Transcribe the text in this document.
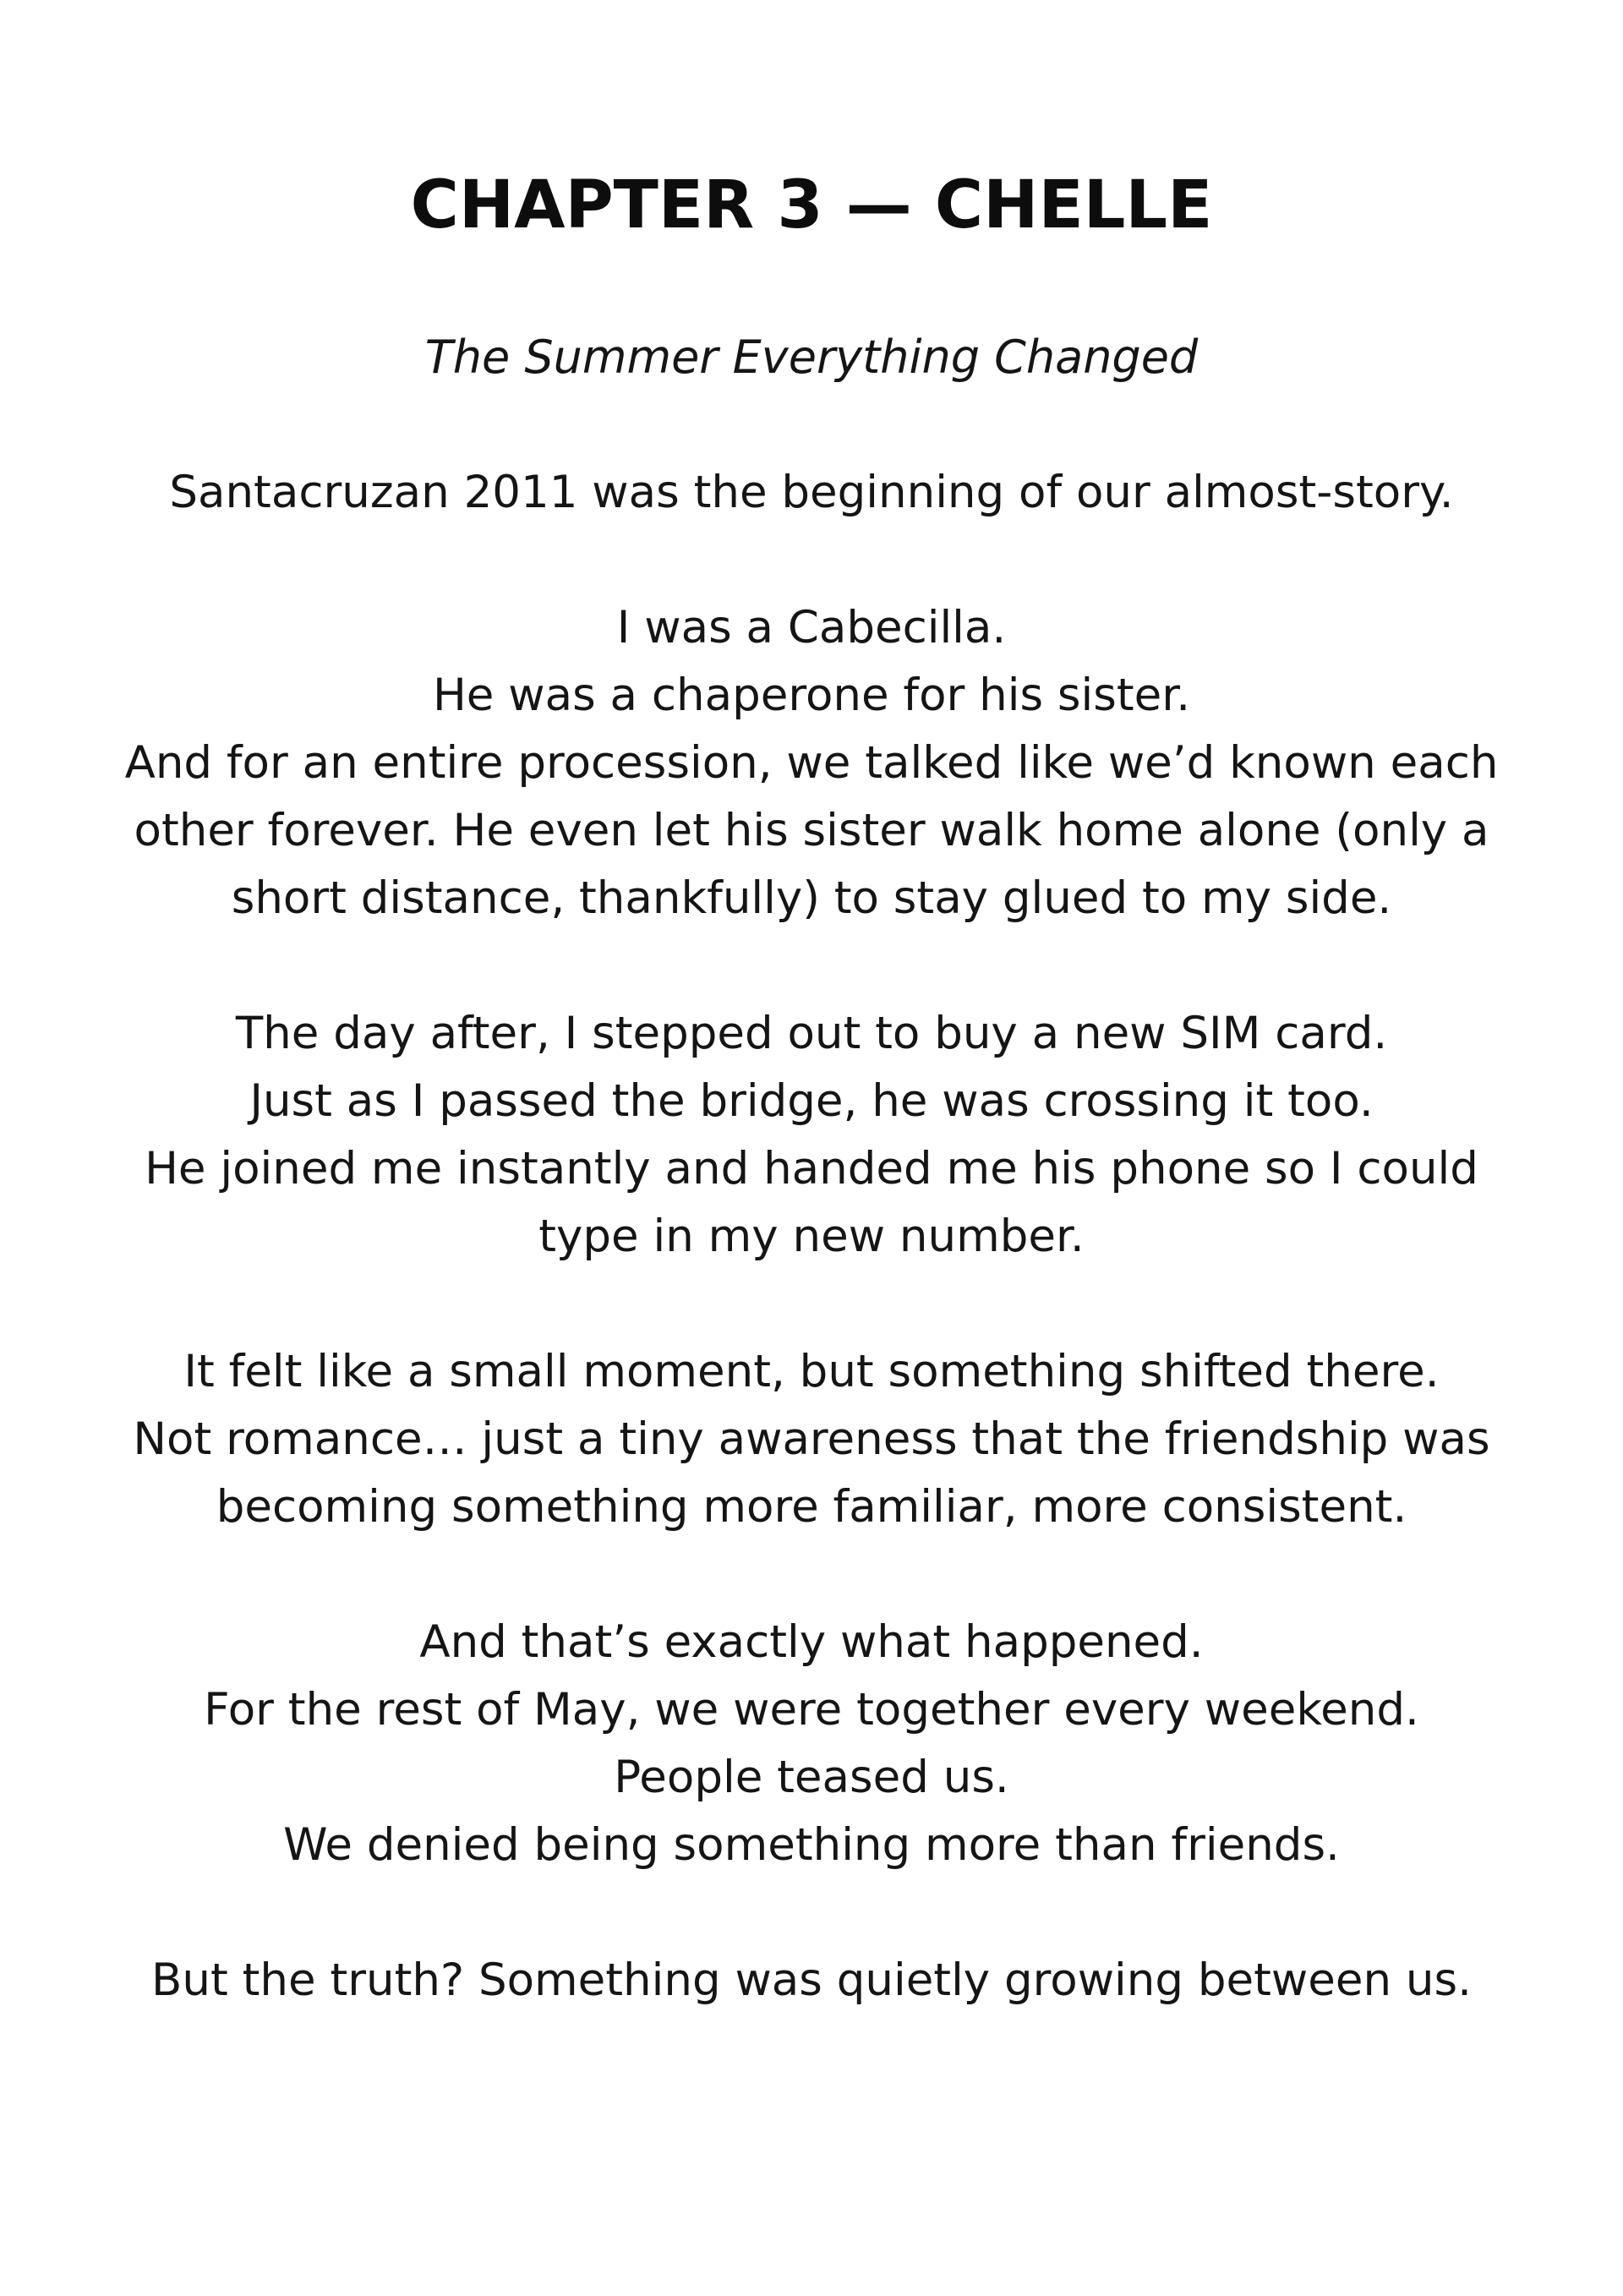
CHAPTER 3 — CHELLE

The Summer Everything Changed

Santacruzan 2011 was the beginning of our almost-story.

I was a Cabecilla.
He was a chaperone for his sister.
And for an entire procession, we talked like we’d known each
other forever. He even let his sister walk home alone (only a
short distance, thankfully) to stay glued to my side.

The day after, I stepped out to buy a new SIM card.
Just as I passed the bridge, he was crossing it too.
He joined me instantly and handed me his phone so I could
type in my new number.

It felt like a small moment, but something shifted there.
Not romance… just a tiny awareness that the friendship was
becoming something more familiar, more consistent.

And that’s exactly what happened.
For the rest of May, we were together every weekend.
People teased us.
We denied being something more than friends.

But the truth? Something was quietly growing between us.
